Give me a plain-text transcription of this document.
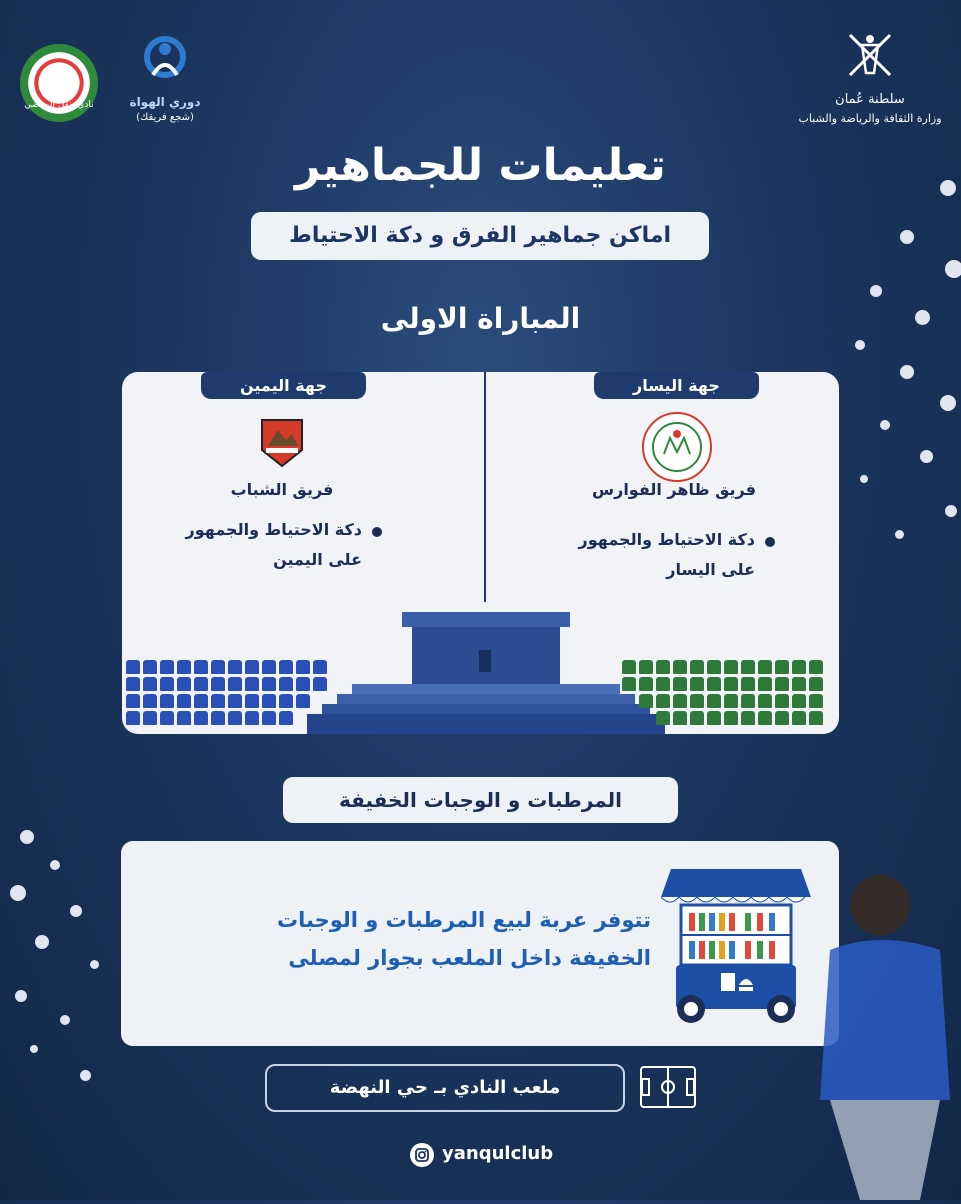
نادي ينقل الرياضي	دوري الهواة
(شجع فريقك)
سلطنة عُمان
وزارة الثقافة والرياضة والشباب
تعليمات للجماهير
اماكن جماهير الفرق و دكة الاحتياط
المباراة الاولى
جهة اليمين	جهة اليسار
فريق الشباب	فريق ظاهر الفوارس
دكة الاحتياط والجمهور
على اليمين
دكة الاحتياط والجمهور
على اليسار
المرطبات و الوجبات الخفيفة
تتوفر عربة لبيع المرطبات و الوجبات
الخفيفة داخل الملعب بجوار لمصلى
ملعب النادي بـ حي النهضة
yanqulclub
